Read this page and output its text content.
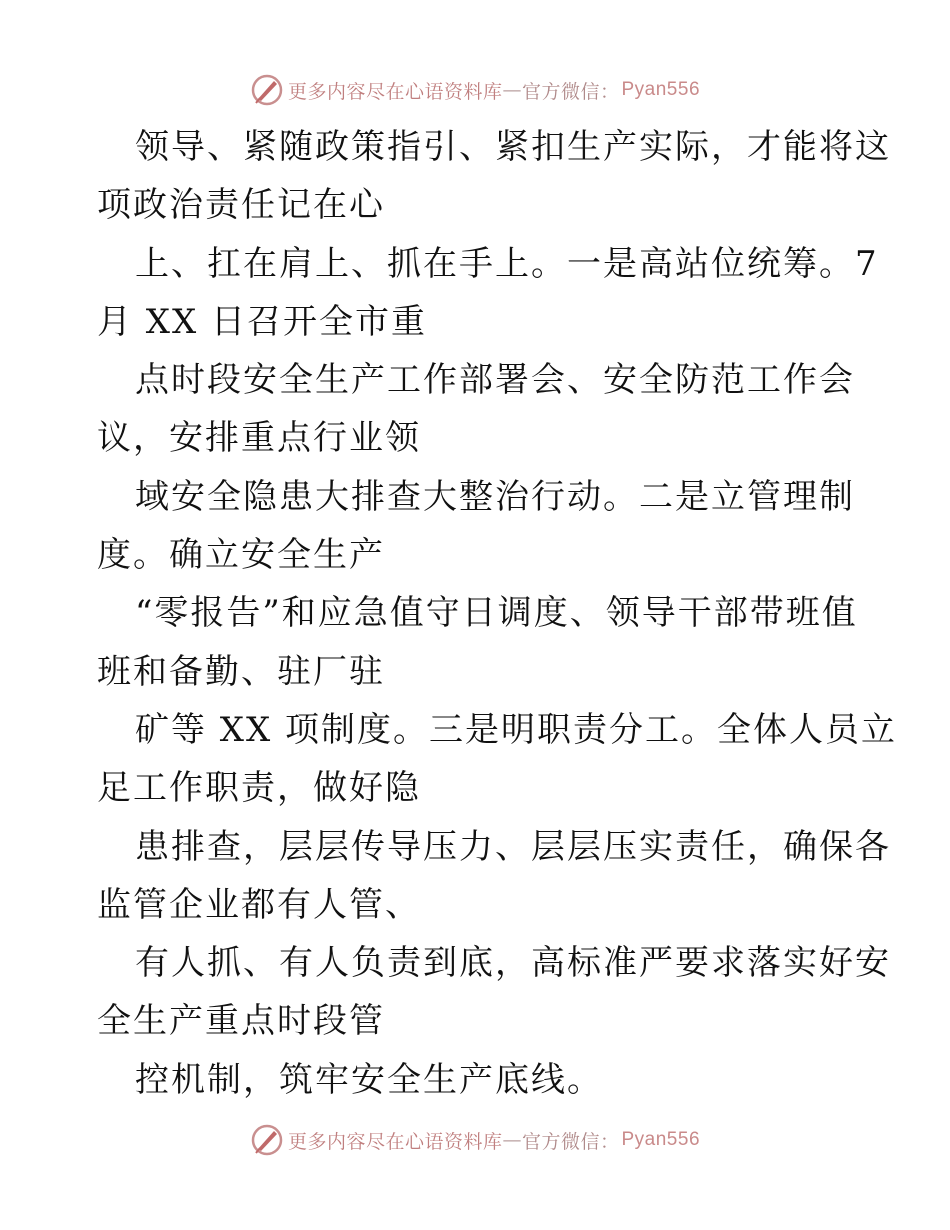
更多内容尽在心语资料库 — 官方微信： Pyan556
领导、紧随政策指引、紧扣生产实际，才能将这
项政治责任记在心
上、扛在肩上、抓在手上。一是高站位统筹。7
月 XX 日召开全市重
点时段安全生产工作部署会、安全防范工作会
议，安排重点行业领
域安全隐患大排查大整治行动。二是立管理制
度。确立安全生产
“零报告”和应急值守日调度、领导干部带班值
班和备勤、驻厂驻
矿等 XX 项制度。三是明职责分工。全体人员立
足工作职责，做好隐
患排查，层层传导压力、层层压实责任，确保各
监管企业都有人管、
有人抓、有人负责到底，高标准严要求落实好安
全生产重点时段管
控机制，筑牢安全生产底线。
更多内容尽在心语资料库 — 官方微信： Pyan556
